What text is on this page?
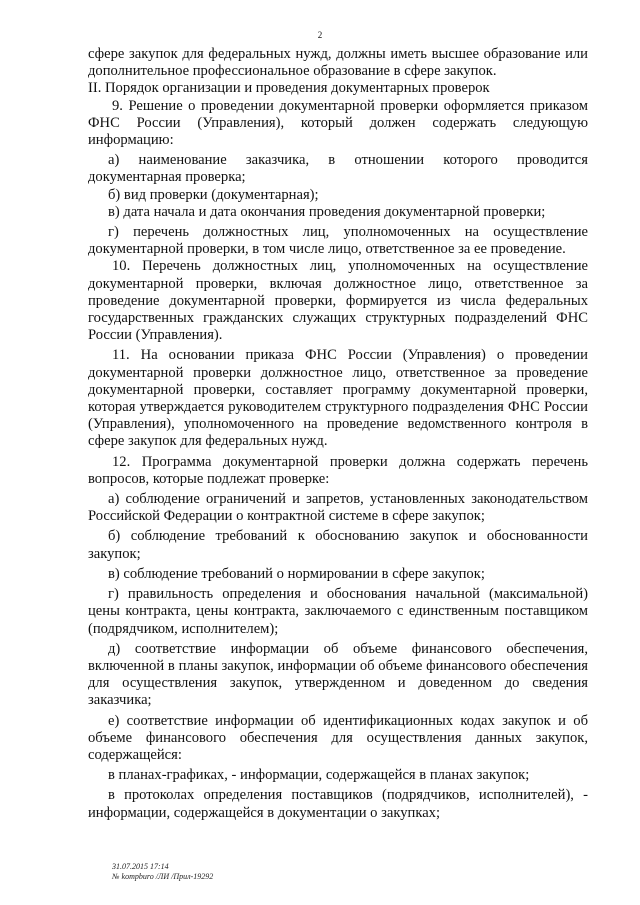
2

сфере закупок для федеральных нужд, должны иметь высшее образование или дополнительное профессиональное образование в сфере закупок.

II. Порядок организации и проведения документарных проверок

9. Решение о проведении документарной проверки оформляется приказом ФНС России (Управления), который должен содержать следующую информацию:

а) наименование заказчика, в отношении которого проводится документарная проверка;

б) вид проверки (документарная);

в) дата начала и дата окончания проведения документарной проверки;

г) перечень должностных лиц, уполномоченных на осуществление документарной проверки, в том числе лицо, ответственное за ее проведение.

10. Перечень должностных лиц, уполномоченных на осуществление документарной проверки, включая должностное лицо, ответственное за проведение документарной проверки, формируется из числа федеральных государственных гражданских служащих структурных подразделений ФНС России (Управления).

11. На основании приказа ФНС России (Управления) о проведении документарной проверки должностное лицо, ответственное за проведение документарной проверки, составляет программу документарной проверки, которая утверждается руководителем структурного подразделения ФНС России (Управления), уполномоченного на проведение ведомственного контроля в сфере закупок для федеральных нужд.

12. Программа документарной проверки должна содержать перечень вопросов, которые подлежат проверке:

а) соблюдение ограничений и запретов, установленных законодательством Российской Федерации о контрактной системе в сфере закупок;

б) соблюдение требований к обоснованию закупок и обоснованности закупок;

в) соблюдение требований о нормировании в сфере закупок;

г) правильность определения и обоснования начальной (максимальной) цены контракта, цены контракта, заключаемого с единственным поставщиком (подрядчиком, исполнителем);

д) соответствие информации об объеме финансового обеспечения, включенной в планы закупок, информации об объеме финансового обеспечения для осуществления закупок, утвержденном и доведенном до сведения заказчика;

е) соответствие информации об идентификационных кодах закупок и об объеме финансового обеспечения для осуществления данных закупок, содержащейся:

в планах-графиках, - информации, содержащейся в планах закупок;

в протоколах определения поставщиков (подрядчиков, исполнителей), - информации, содержащейся в документации о закупках;

31.07.2015 17:14
№ kompburo /ЛИ /Прил-19292
